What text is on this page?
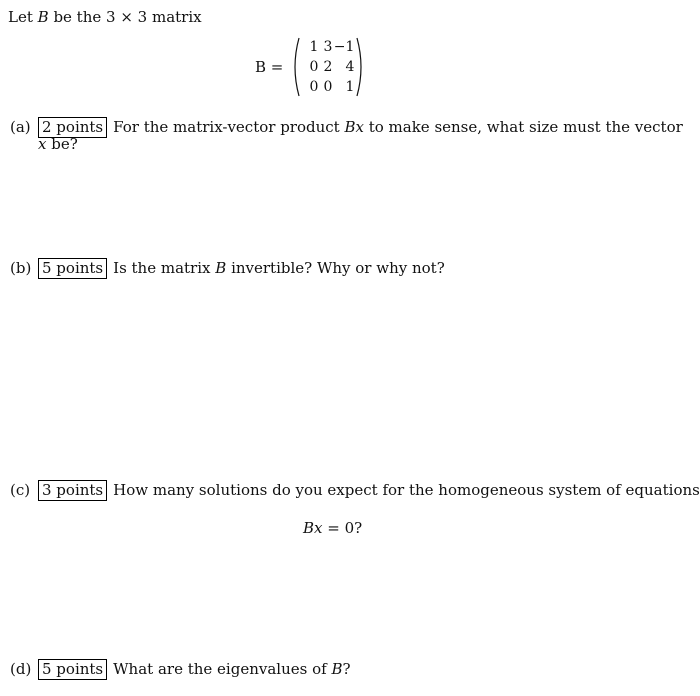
Let B be the 3 × 3 matrix
B =
1 3 −1
0 2 4
0 0 1
(a) 2 points For the matrix-vector product Bx to make sense, what size must the vector
x be?
(b) 5 points Is the matrix B invertible? Why or why not?
(c) 3 points How many solutions do you expect for the homogeneous system of equations
Bx = 0?
(d) 5 points What are the eigenvalues of B?
